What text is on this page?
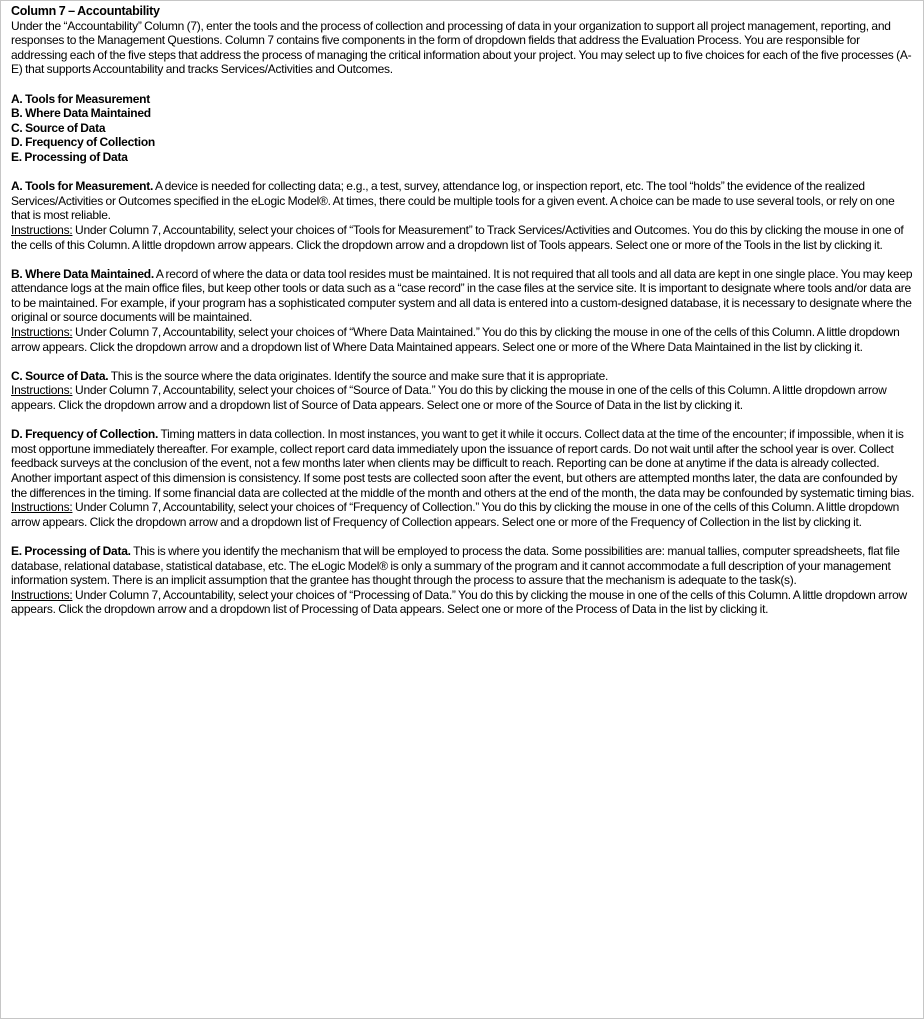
Column 7 – Accountability

Under the “Accountability” Column (7), enter the tools and the process of collection and processing of data in your organization to support all project management, reporting, and responses to the Management Questions. Column 7 contains five components in the form of dropdown fields that address the Evaluation Process. You are responsible for addressing each of the five steps that address the process of managing the critical information about your project. You may select up to five choices for each of the five processes (A-E) that supports Accountability and tracks Services/Activities and Outcomes.

A. Tools for Measurement
B. Where Data Maintained
C. Source of Data
D. Frequency of Collection
E. Processing of Data

A. Tools for Measurement. A device is needed for collecting data; e.g., a test, survey, attendance log, or inspection report, etc. The tool “holds” the evidence of the realized Services/Activities or Outcomes specified in the eLogic Model®. At times, there could be multiple tools for a given event. A choice can be made to use several tools, or rely on one that is most reliable.

Instructions: Under Column 7, Accountability, select your choices of “Tools for Measurement” to Track Services/Activities and Outcomes. You do this by clicking the mouse in one of the cells of this Column. A little dropdown arrow appears. Click the dropdown arrow and a dropdown list of Tools appears. Select one or more of the Tools in the list by clicking it.

B. Where Data Maintained. A record of where the data or data tool resides must be maintained. It is not required that all tools and all data are kept in one single place. You may keep attendance logs at the main office files, but keep other tools or data such as a “case record” in the case files at the service site. It is important to designate where tools and/or data are to be maintained. For example, if your program has a sophisticated computer system and all data is entered into a custom-designed database, it is necessary to designate where the original or source documents will be maintained.

Instructions: Under Column 7, Accountability, select your choices of “Where Data Maintained.” You do this by clicking the mouse in one of the cells of this Column. A little dropdown arrow appears. Click the dropdown arrow and a dropdown list of Where Data Maintained appears. Select one or more of the Where Data Maintained in the list by clicking it.

C. Source of Data. This is the source where the data originates. Identify the source and make sure that it is appropriate.

Instructions: Under Column 7, Accountability, select your choices of “Source of Data.” You do this by clicking the mouse in one of the cells of this Column. A little dropdown arrow appears. Click the dropdown arrow and a dropdown list of Source of Data appears. Select one or more of the Source of Data in the list by clicking it.

D. Frequency of Collection. Timing matters in data collection. In most instances, you want to get it while it occurs. Collect data at the time of the encounter; if impossible, when it is most opportune immediately thereafter. For example, collect report card data immediately upon the issuance of report cards. Do not wait until after the school year is over. Collect feedback surveys at the conclusion of the event, not a few months later when clients may be difficult to reach. Reporting can be done at anytime if the data is already collected. Another important aspect of this dimension is consistency. If some post tests are collected soon after the event, but others are attempted months later, the data are confounded by the differences in the timing. If some financial data are collected at the middle of the month and others at the end of the month, the data may be confounded by systematic timing bias.

Instructions: Under Column 7, Accountability, select your choices of “Frequency of Collection.” You do this by clicking the mouse in one of the cells of this Column. A little dropdown arrow appears. Click the dropdown arrow and a dropdown list of Frequency of Collection appears. Select one or more of the Frequency of Collection in the list by clicking it.

E. Processing of Data. This is where you identify the mechanism that will be employed to process the data. Some possibilities are: manual tallies, computer spreadsheets, flat file database, relational database, statistical database, etc. The eLogic Model® is only a summary of the program and it cannot accommodate a full description of your management information system. There is an implicit assumption that the grantee has thought through the process to assure that the mechanism is adequate to the task(s).

Instructions: Under Column 7, Accountability, select your choices of “Processing of Data.” You do this by clicking the mouse in one of the cells of this Column. A little dropdown arrow appears. Click the dropdown arrow and a dropdown list of Processing of Data appears. Select one or more of the Process of Data in the list by clicking it.
